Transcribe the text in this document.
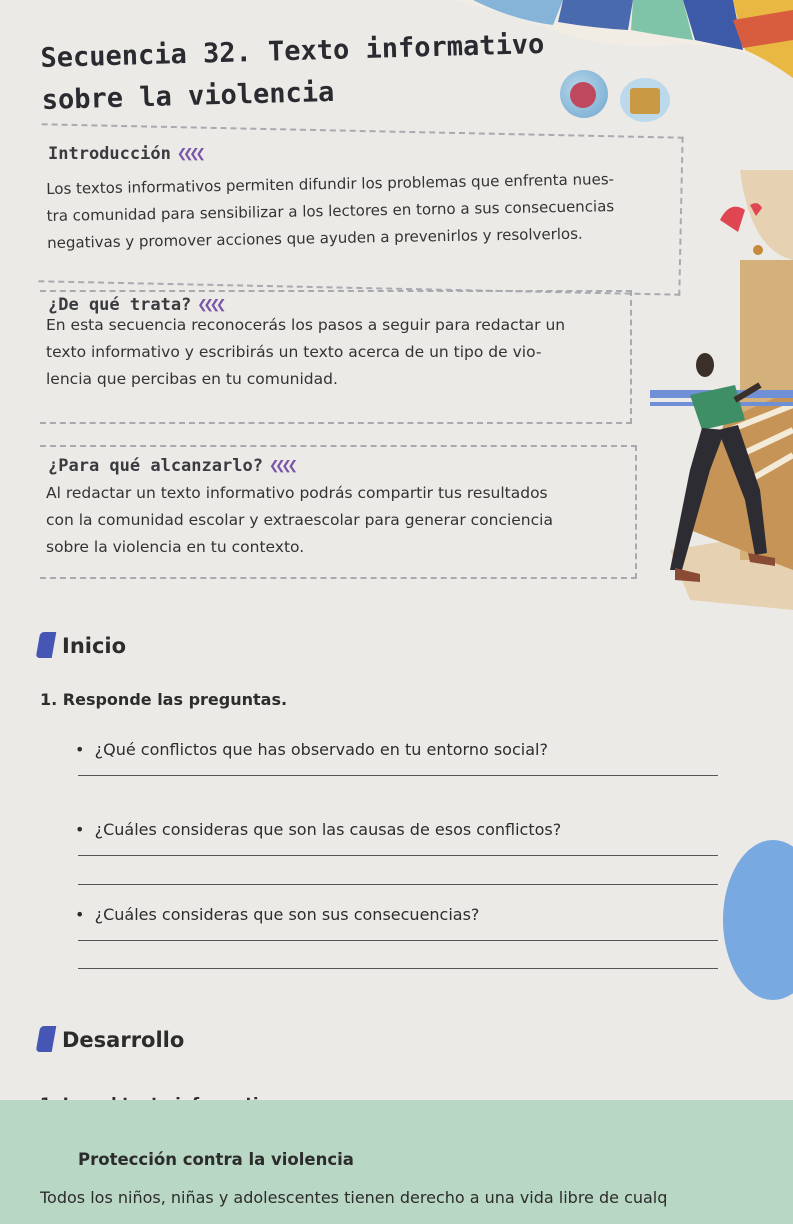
Secuencia 32. Texto informativo
sobre la violencia
Introducción ❮❮❮❮
Los textos informativos permiten difundir los problemas que enfrenta nues-
tra comunidad para sensibilizar a los lectores en torno a sus consecuencias
negativas y promover acciones que ayuden a prevenirlos y resolverlos.
¿De qué trata? ❮❮❮❮
En esta secuencia reconocerás los pasos a seguir para redactar un
texto informativo y escribirás un texto acerca de un tipo de vio-
lencia que percibas en tu comunidad.
¿Para qué alcanzarlo? ❮❮❮❮
Al redactar un texto informativo podrás compartir tus resultados
con la comunidad escolar y extraescolar para generar conciencia
sobre la violencia en tu contexto.
Inicio
1. Responde las preguntas.
•  ¿Qué conflictos que has observado en tu entorno social?
•  ¿Cuáles consideras que son las causas de esos conflictos?
•  ¿Cuáles consideras que son sus consecuencias?
Desarrollo
Protección contra la violencia
Todos los niños, niñas y adolescentes tienen derecho a una vida libre de cualq
